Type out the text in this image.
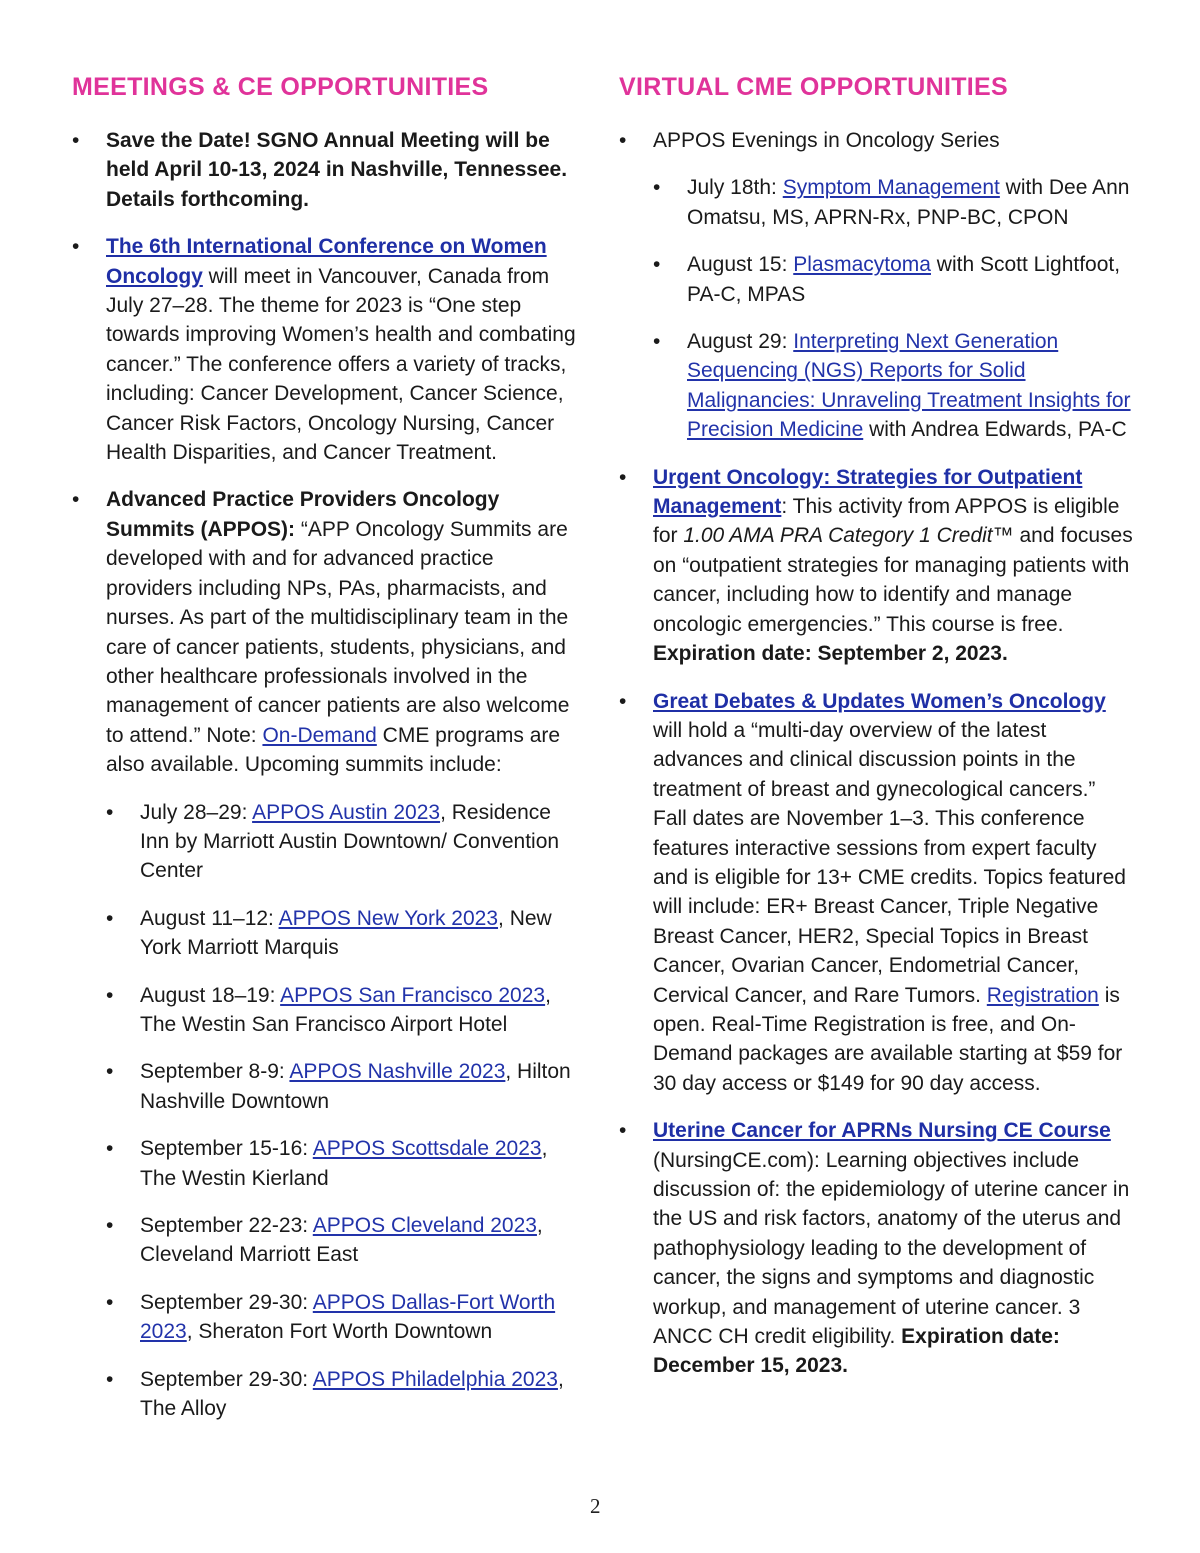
MEETINGS & CE OPPORTUNITIES
• Save the Date! SGNO Annual Meeting will be held April 10-13, 2024 in Nashville, Tennessee. Details forthcoming.
• The 6th International Conference on Women Oncology will meet in Vancouver, Canada from July 27–28. The theme for 2023 is “One step towards improving Women’s health and combating cancer.” The conference offers a variety of tracks, including: Cancer Development, Cancer Science, Cancer Risk Factors, Oncology Nursing, Cancer Health Disparities, and Cancer Treatment.
• Advanced Practice Providers Oncology Summits (APPOS): “APP Oncology Summits are developed with and for advanced practice providers including NPs, PAs, pharmacists, and nurses. As part of the multidisciplinary team in the care of cancer patients, students, physicians, and other healthcare professionals involved in the management of cancer patients are also welcome to attend.” Note: On-Demand CME programs are also available. Upcoming summits include:
• July 28–29: APPOS Austin 2023, Residence Inn by Marriott Austin Downtown/ Convention Center
• August 11–12: APPOS New York 2023, New York Marriott Marquis
• August 18–19: APPOS San Francisco 2023, The Westin San Francisco Airport Hotel
• September 8-9: APPOS Nashville 2023, Hilton Nashville Downtown
• September 15-16: APPOS Scottsdale 2023, The Westin Kierland
• September 22-23: APPOS Cleveland 2023, Cleveland Marriott East
• September 29-30: APPOS Dallas-Fort Worth 2023, Sheraton Fort Worth Downtown
• September 29-30: APPOS Philadelphia 2023, The Alloy
VIRTUAL CME OPPORTUNITIES
• APPOS Evenings in Oncology Series
• July 18th: Symptom Management with Dee Ann Omatsu, MS, APRN-Rx, PNP-BC, CPON
• August 15: Plasmacytoma with Scott Lightfoot, PA-C, MPAS
• August 29: Interpreting Next Generation Sequencing (NGS) Reports for Solid Malignancies: Unraveling Treatment Insights for Precision Medicine with Andrea Edwards, PA-C
• Urgent Oncology: Strategies for Outpatient Management: This activity from APPOS is eligible for 1.00 AMA PRA Category 1 Credit™ and focuses on “outpatient strategies for managing patients with cancer, including how to identify and manage oncologic emergencies.” This course is free. Expiration date: September 2, 2023.
• Great Debates & Updates Women’s Oncology will hold a “multi-day overview of the latest advances and clinical discussion points in the treatment of breast and gynecological cancers.” Fall dates are November 1–3. This conference features interactive sessions from expert faculty and is eligible for 13+ CME credits. Topics featured will include: ER+ Breast Cancer, Triple Negative Breast Cancer, HER2, Special Topics in Breast Cancer, Ovarian Cancer, Endometrial Cancer, Cervical Cancer, and Rare Tumors. Registration is open. Real-Time Registration is free, and On-Demand packages are available starting at $59 for 30 day access or $149 for 90 day access.
• Uterine Cancer for APRNs Nursing CE Course (NursingCE.com): Learning objectives include discussion of: the epidemiology of uterine cancer in the US and risk factors, anatomy of the uterus and pathophysiology leading to the development of cancer, the signs and symptoms and diagnostic workup, and management of uterine cancer. 3 ANCC CH credit eligibility. Expiration date: December 15, 2023.
2
